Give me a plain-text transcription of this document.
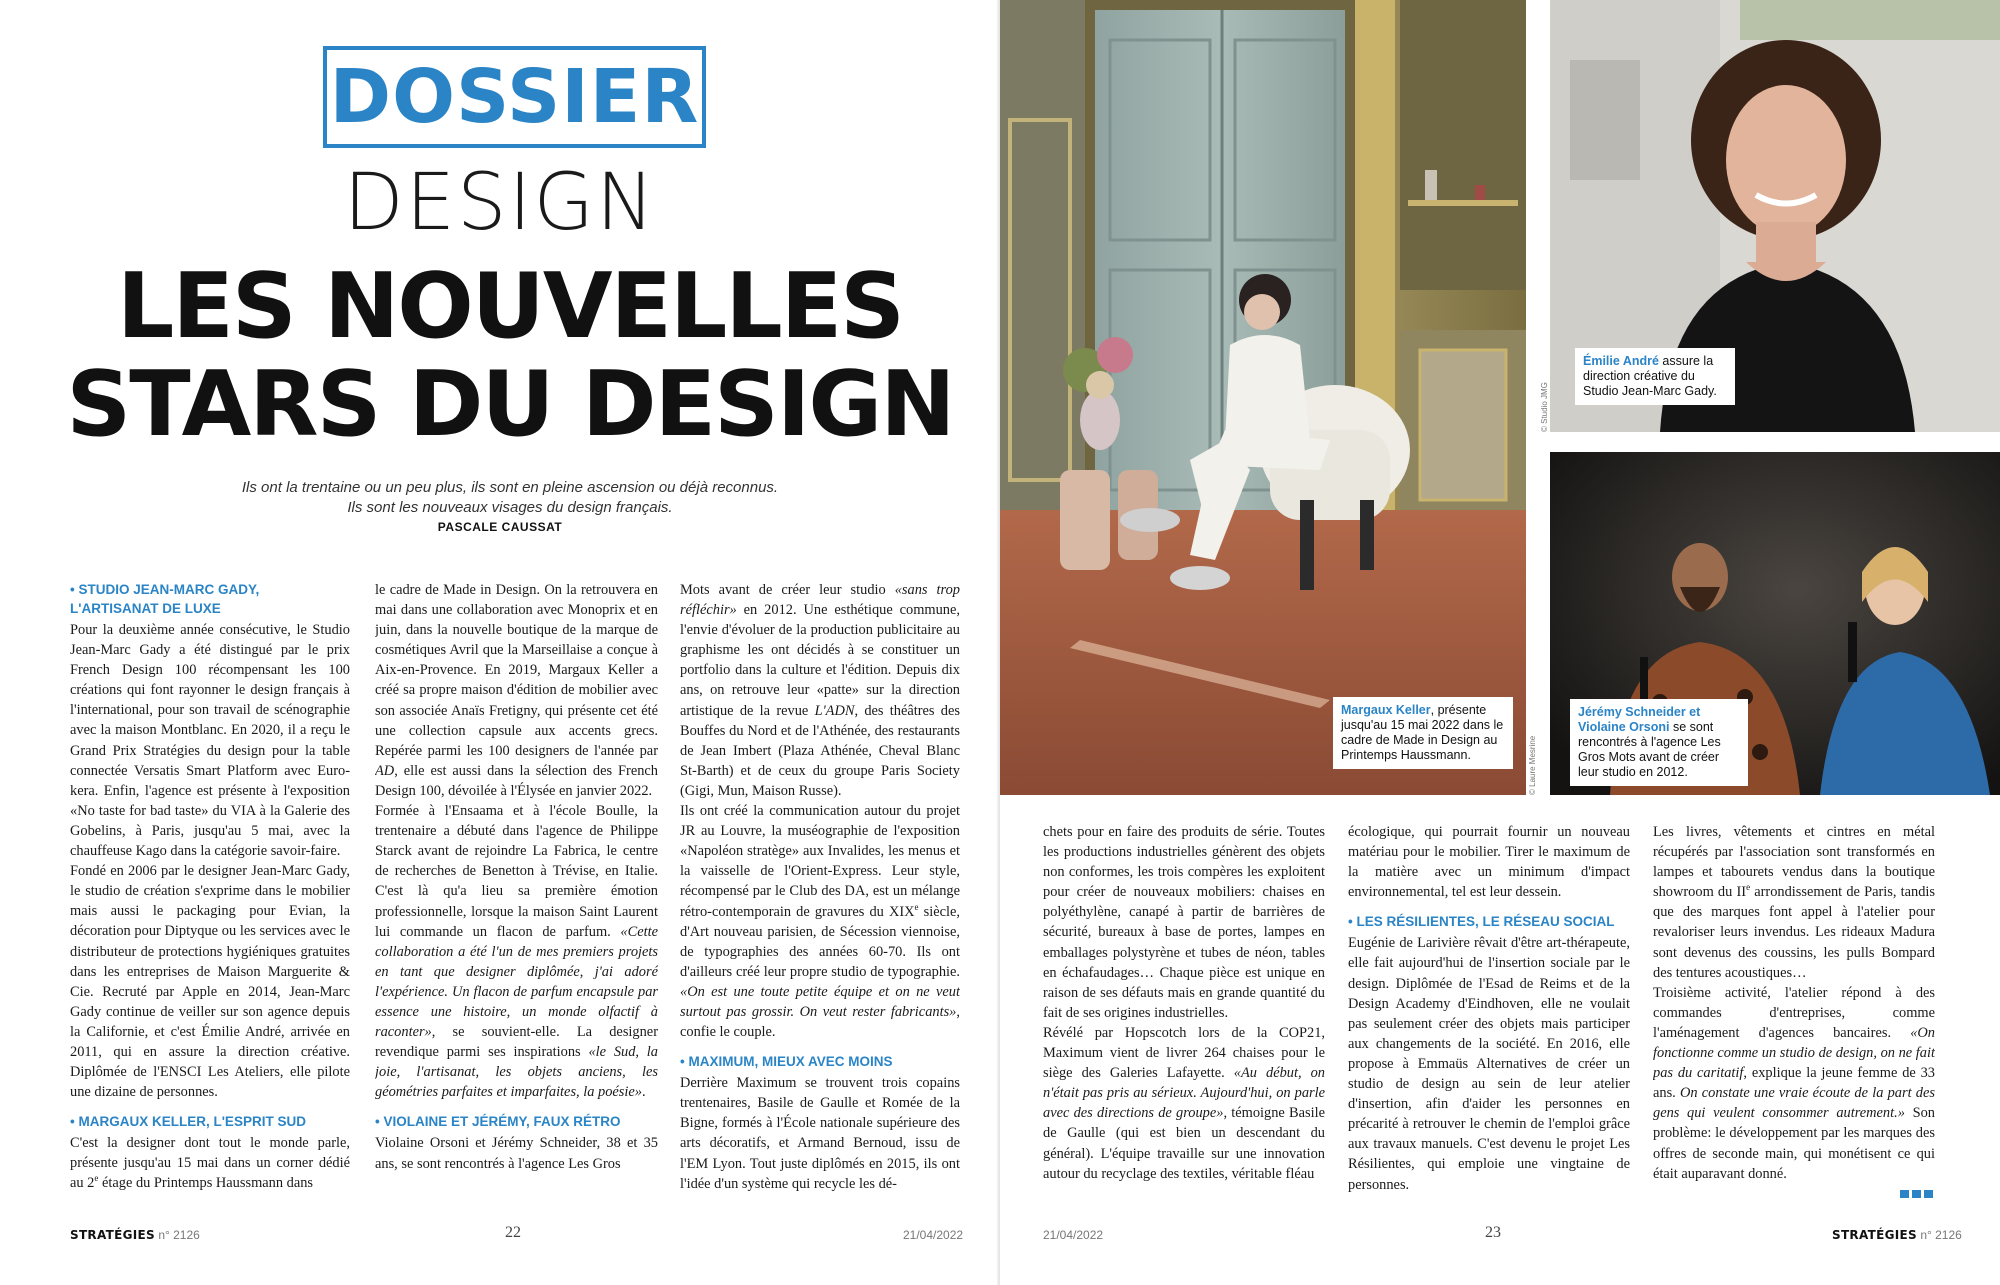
DOSSIER
DESIGN
LES NOUVELLES
STARS DU DESIGN
Ils ont la trentaine ou un peu plus, ils sont en pleine ascension ou déjà reconnus.
Ils sont les nouveaux visages du design français.
PASCALE CAUSSAT
• STUDIO JEAN-MARC GADY, L'ARTISANAT DE LUXE

Pour la deuxième année consécutive, le Studio Jean-Marc Gady a été distingué par le prix French Design 100 récompensant les 100 créations qui font rayonner le design français à l'international, pour son travail de scénographie avec la maison Montblanc. En 2020, il a reçu le Grand Prix Stratégies du design pour la table connectée Versatis Smart Platform avec Eurokera. Enfin, l'agence est présente à l'exposition «No taste for bad taste» du VIA à la Galerie des Gobelins, à Paris, jusqu'au 5 mai, avec la chauffeuse Kago dans la catégorie savoir-faire.

Fondé en 2006 par le designer Jean-Marc Gady, le studio de création s'exprime dans le mobilier mais aussi le packaging pour Evian, la décoration pour Diptyque ou les services avec le distributeur de protections hygiéniques gratuites dans les entreprises de Maison Marguerite & Cie. Recruté par Apple en 2014, Jean-Marc Gady continue de veiller sur son agence depuis la Californie, et c'est Émilie André, arrivée en 2011, qui en assure la direction créative. Diplômée de l'ENSCI Les Ateliers, elle pilote une dizaine de personnes.

• MARGAUX KELLER, L'ESPRIT SUD

C'est la designer dont tout le monde parle, présente jusqu'au 15 mai dans un corner dédié au 2e étage du Printemps Haussmann dans

le cadre de Made in Design. On la retrouvera en mai dans une collaboration avec Monoprix et en juin, dans la nouvelle boutique de la marque de cosmétiques Avril que la Marseillaise a conçue à Aix-en-Provence. En 2019, Margaux Keller a créé sa propre maison d'édition de mobilier avec son associée Anaïs Fretigny, qui présente cet été une collection capsule aux accents grecs. Repérée parmi les 100 designers de l'année par AD, elle est aussi dans la sélection des French Design 100, dévoilée à l'Élysée en janvier 2022.

Formée à l'Ensaama et à l'école Boulle, la trentenaire a débuté dans l'agence de Philippe Starck avant de rejoindre La Fabrica, le centre de recherches de Benetton à Trévise, en Italie. C'est là qu'a lieu sa première émotion professionnelle, lorsque la maison Saint Laurent lui commande un flacon de parfum. «Cette collaboration a été l'un de mes premiers projets en tant que designer diplômée, j'ai adoré l'expérience. Un flacon de parfum encapsule par essence une histoire, un monde olfactif à raconter», se souvient-elle. La designer revendique parmi ses inspirations «le Sud, la joie, l'artisanat, les objets anciens, les géométries parfaites et imparfaites, la poésie».

• VIOLAINE ET JÉRÉMY, FAUX RÉTRO

Violaine Orsoni et Jérémy Schneider, 38 et 35 ans, se sont rencontrés à l'agence Les Gros

Mots avant de créer leur studio «sans trop réfléchir» en 2012. Une esthétique commune, l'envie d'évoluer de la production publicitaire au graphisme les ont décidés à se constituer un portfolio dans la culture et l'édition. Depuis dix ans, on retrouve leur «patte» sur la direction artistique de la revue L'ADN, des théâtres des Bouffes du Nord et de l'Athénée, des restaurants de Jean Imbert (Plaza Athénée, Cheval Blanc St-Barth) et de ceux du groupe Paris Society (Gigi, Mun, Maison Russe).

Ils ont créé la communication autour du projet JR au Louvre, la muséographie de l'exposition «Napoléon stratège» aux Invalides, les menus et la vaisselle de l'Orient-Express. Leur style, récompensé par le Club des DA, est un mélange rétro-contemporain de gravures du XIXe siècle, d'Art nouveau parisien, de Sécession viennoise, de typographies des années 60-70. Ils ont d'ailleurs créé leur propre studio de typographie. «On est une toute petite équipe et on ne veut surtout pas grossir. On veut rester fabricants», confie le couple.

• MAXIMUM, MIEUX AVEC MOINS

Derrière Maximum se trouvent trois copains trentenaires, Basile de Gaulle et Romée de la Bigne, formés à l'École nationale supérieure des arts décoratifs, et Armand Bernoud, issu de l'EM Lyon. Tout juste diplômés en 2015, ils ont l'idée d'un système qui recycle les dé-

STRATÉGIES n° 2126	22	21/04/2022
Margaux Keller, présente jusqu'au 15 mai 2022 dans le cadre de Made in Design au Printemps Haussmann.	© Laure Mesrine
Émilie André assure la direction créative du Studio Jean-Marc Gady.
© Studio JMG
Jérémy Schneider et Violaine Orsoni se sont rencontrés à l'agence Les Gros Mots avant de créer leur studio en 2012.

chets pour en faire des produits de série. Toutes les productions industrielles génèrent des objets non conformes, les trois compères les exploitent pour créer de nouveaux mobiliers: chaises en polyéthylène, canapé à partir de barrières de sécurité, bureaux à base de portes, lampes en emballages polystyrène et tubes de néon, tables en échafaudages… Chaque pièce est unique en raison de ses défauts mais en grande quantité du fait de ses origines industrielles.

Révélé par Hopscotch lors de la COP21, Maximum vient de livrer 264 chaises pour le siège des Galeries Lafayette. «Au début, on n'était pas pris au sérieux. Aujourd'hui, on parle avec des directions de groupe», témoigne Basile de Gaulle (qui est bien un descendant du général). L'équipe travaille sur une innovation autour du recyclage des textiles, véritable fléau

écologique, qui pourrait fournir un nouveau matériau pour le mobilier. Tirer le maximum de la matière avec un minimum d'impact environnemental, tel est leur dessein.

• LES RÉSILIENTES, LE RÉSEAU SOCIAL

Eugénie de Larivière rêvait d'être art-thérapeute, elle fait aujourd'hui de l'insertion sociale par le design. Diplômée de l'Esad de Reims et de la Design Academy d'Eindhoven, elle ne voulait pas seulement créer des objets mais participer aux changements de la société. En 2016, elle propose à Emmaüs Alternatives de créer un studio de design au sein de leur atelier d'insertion, afin d'aider les personnes en précarité à retrouver le chemin de l'emploi grâce aux travaux manuels. C'est devenu le projet Les Résilientes, qui emploie une vingtaine de personnes.

Les livres, vêtements et cintres en métal récupérés par l'association sont transformés en lampes et tabourets vendus dans la boutique showroom du IIe arrondissement de Paris, tandis que des marques font appel à l'atelier pour revaloriser leurs invendus. Les rideaux Madura sont devenus des coussins, les pulls Bompard des tentures acoustiques…

Troisième activité, l'atelier répond à des commandes d'entreprises, comme l'aménagement d'agences bancaires. «On fonctionne comme un studio de design, on ne fait pas du caritatif, explique la jeune femme de 33 ans. On constate une vraie écoute de la part des gens qui veulent consommer autrement.» Son problème: le développement par les marques des offres de seconde main, qui monétisent ce qui était auparavant donné.

21/04/2022	23	STRATÉGIES n° 2126
